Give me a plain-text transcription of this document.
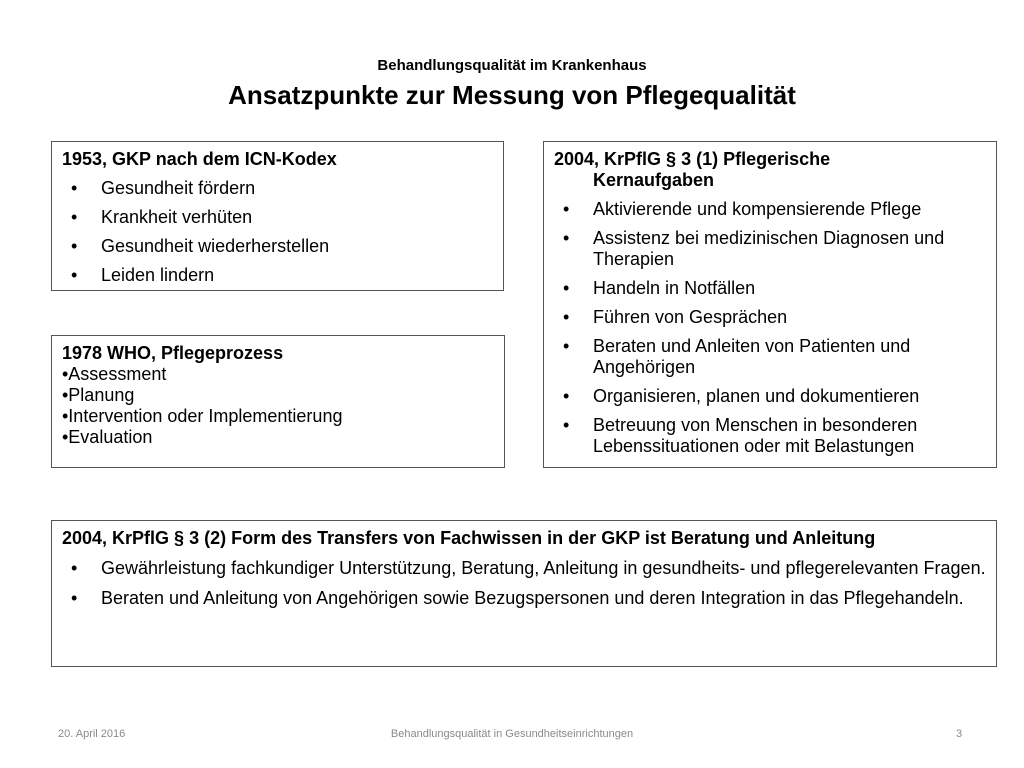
Behandlungsqualität im Krankenhaus
Ansatzpunkte zur Messung von Pflegequalität
1953, GKP nach dem ICN-Kodex
• Gesundheit fördern
• Krankheit verhüten
• Gesundheit wiederherstellen
• Leiden lindern
1978 WHO, Pflegeprozess
•Assessment
•Planung
•Intervention oder Implementierung
•Evaluation
2004, KrPflG § 3 (1) Pflegerische
Kernaufgaben
• Aktivierende und kompensierende Pflege
• Assistenz bei medizinischen Diagnosen und Therapien
• Handeln in Notfällen
• Führen von Gesprächen
• Beraten und Anleiten von Patienten und Angehörigen
• Organisieren, planen und dokumentieren
• Betreuung von Menschen in besonderen Lebenssituationen oder mit Belastungen
2004, KrPflG § 3 (2) Form des Transfers von Fachwissen in der GKP ist Beratung und Anleitung
• Gewährleistung fachkundiger Unterstützung, Beratung, Anleitung in gesundheits- und pflegerelevanten Fragen.
• Beraten und Anleitung von Angehörigen sowie Bezugspersonen und deren Integration in das Pflegehandeln.
20. April 2016	Behandlungsqualität in Gesundheitseinrichtungen	3
